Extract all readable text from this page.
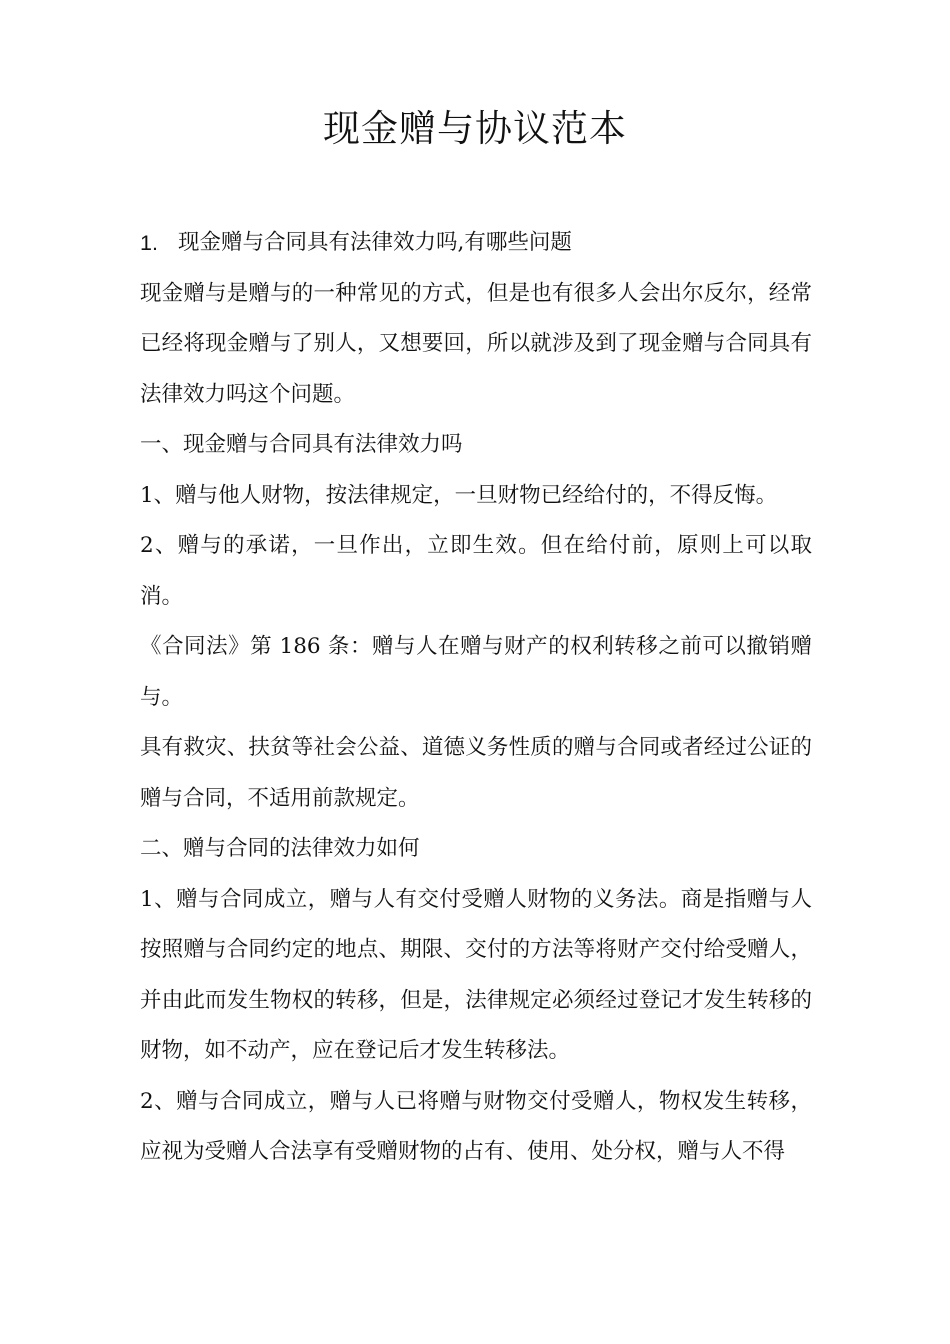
现金赠与协议范本

1. 现金赠与合同具有法律效力吗,有哪些问题

现金赠与是赠与的一种常见的方式，但是也有很多人会出尔反尔，经常已经将现金赠与了别人，又想要回，所以就涉及到了现金赠与合同具有法律效力吗这个问题。

一、现金赠与合同具有法律效力吗

1、赠与他人财物，按法律规定，一旦财物已经给付的，不得反悔。

2、赠与的承诺，一旦作出，立即生效。但在给付前，原则上可以取消。

《合同法》第 186 条：赠与人在赠与财产的权利转移之前可以撤销赠与。

具有救灾、扶贫等社会公益、道德义务性质的赠与合同或者经过公证的赠与合同，不适用前款规定。

二、赠与合同的法律效力如何

1、赠与合同成立，赠与人有交付受赠人财物的义务法。商是指赠与人按照赠与合同约定的地点、期限、交付的方法等将财产交付给受赠人，并由此而发生物权的转移，但是，法律规定必须经过登记才发生转移的财物，如不动产，应在登记后才发生转移法。

2、赠与合同成立，赠与人已将赠与财物交付受赠人，物权发生转移，应视为受赠人合法享有受赠财物的占有、使用、处分权，赠与人不得
